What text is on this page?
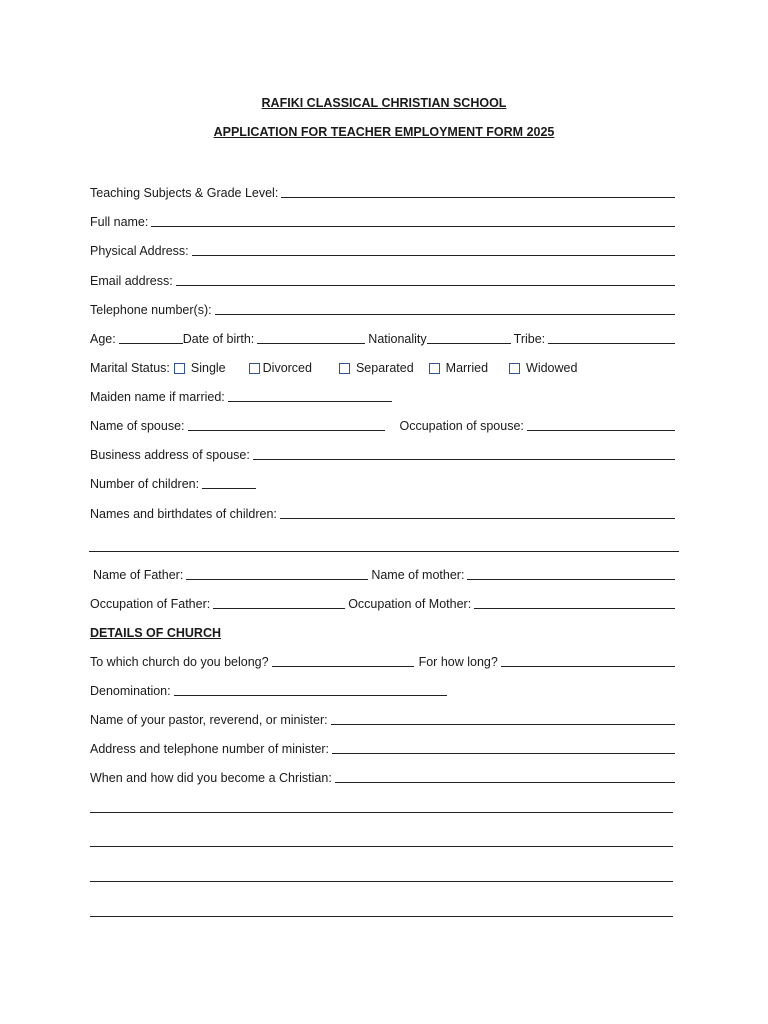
RAFIKI CLASSICAL CHRISTIAN SCHOOL
APPLICATION FOR TEACHER EMPLOYMENT FORM 2025
Teaching Subjects & Grade Level:
Full name:
Physical Address:
Email address:
Telephone number(s):
Age:	Date of birth:	Nationality	Tribe:
Marital Status: Single	Divorced	Separated	Married	Widowed
Maiden name if married:
Name of spouse:	Occupation of spouse:
Business address of spouse:
Number of children:
Names and birthdates of children:
Name of Father:	Name of mother:
Occupation of Father:	Occupation of Mother:
DETAILS OF CHURCH
To which church do you belong?	For how long?
Denomination:
Name of your pastor, reverend, or minister:
Address and telephone number of minister:
When and how did you become a Christian:
